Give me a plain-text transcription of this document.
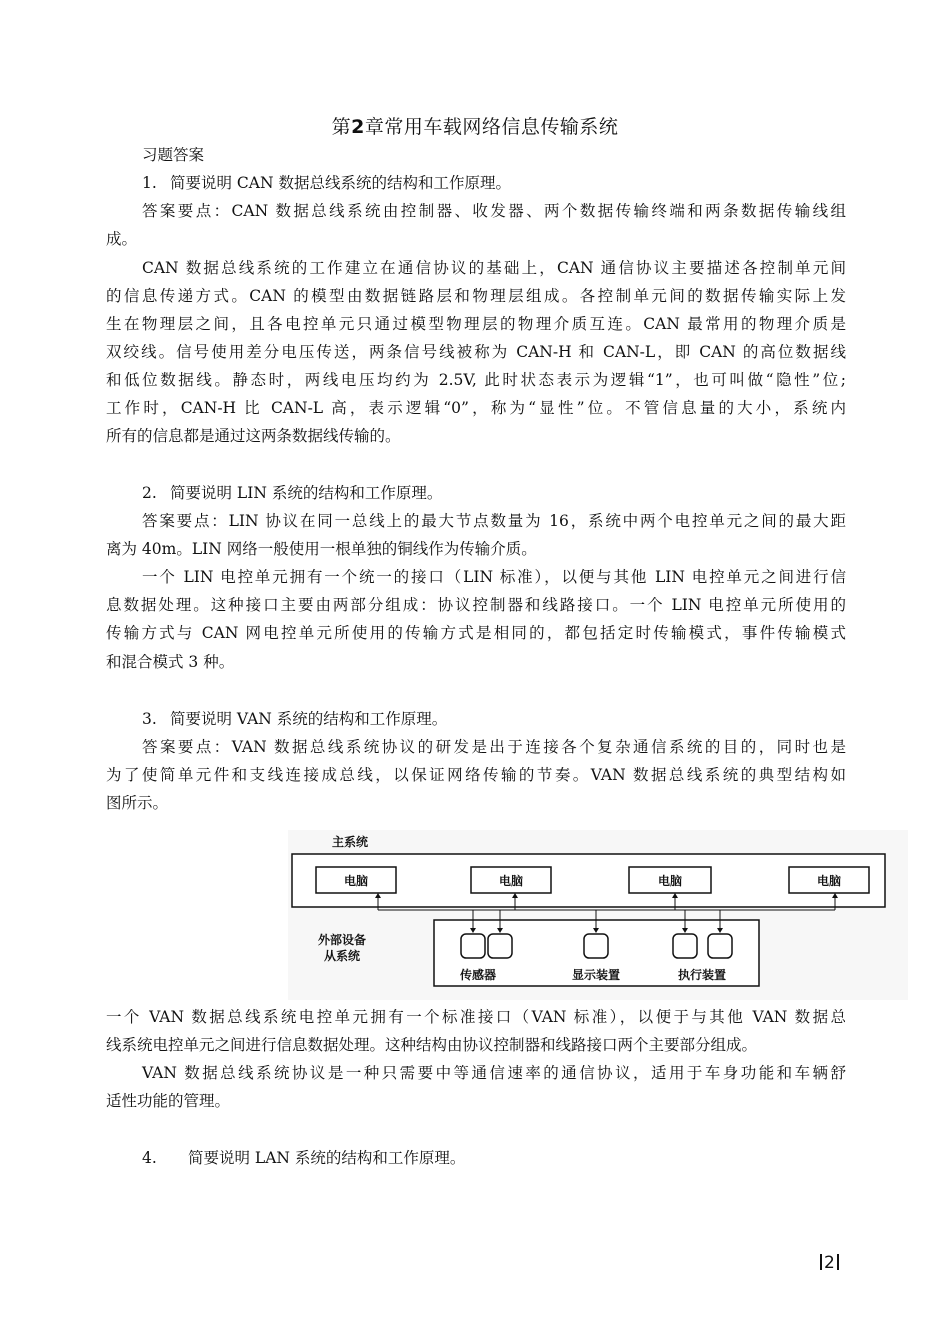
第2章常用车载网络信息传输系统
习题答案
1. 简要说明 CAN 数据总线系统的结构和工作原理。
答案要点：CAN 数据总线系统由控制器、收发器、两个数据传输终端和两条数据传输线组
成。
CAN 数据总线系统的工作建立在通信协议的基础上，CAN 通信协议主要描述各控制单元间
的信息传递方式。CAN 的模型由数据链路层和物理层组成。各控制单元间的数据传输实际上发
生在物理层之间，且各电控单元只通过模型物理层的物理介质互连。CAN 最常用的物理介质是
双绞线。信号使用差分电压传送，两条信号线被称为 CAN-H 和 CAN-L，即 CAN 的高位数据线
和低位数据线。静态时，两线电压均约为 2.5V, 此时状态表示为逻辑“1”，也可叫做“隐性”位;
工作时，CAN-H 比 CAN-L 高，表示逻辑“0”，称为“显性”位。不管信息量的大小，系统内
所有的信息都是通过这两条数据线传输的。
2. 简要说明 LIN 系统的结构和工作原理。
答案要点：LIN 协议在同一总线上的最大节点数量为 16，系统中两个电控单元之间的最大距
离为 40m。LIN 网络一般使用一根单独的铜线作为传输介质。
一个 LIN 电控单元拥有一个统一的接口（LIN 标准），以便与其他 LIN 电控单元之间进行信
息数据处理。这种接口主要由两部分组成：协议控制器和线路接口。一个 LIN 电控单元所使用的
传输方式与 CAN 网电控单元所使用的传输方式是相同的，都包括定时传输模式，事件传输模式
和混合模式 3 种。
3. 简要说明 VAN 系统的结构和工作原理。
答案要点：VAN 数据总线系统协议的研发是出于连接各个复杂通信系统的目的，同时也是
为了使简单元件和支线连接成总线，以保证网络传输的节奏。VAN 数据总线系统的典型结构如
图所示。
主系统
电脑	电脑	电脑	电脑
外部设备
从系统
传感器	显示装置	执行装置
一个 VAN 数据总线系统电控单元拥有一个标准接口（VAN 标准），以便于与其他 VAN 数据总
线系统电控单元之间进行信息数据处理。这种结构由协议控制器和线路接口两个主要部分组成。
VAN 数据总线系统协议是一种只需要中等通信速率的通信协议，适用于车身功能和车辆舒
适性功能的管理。
4. 简要说明 LAN 系统的结构和工作原理。
2
